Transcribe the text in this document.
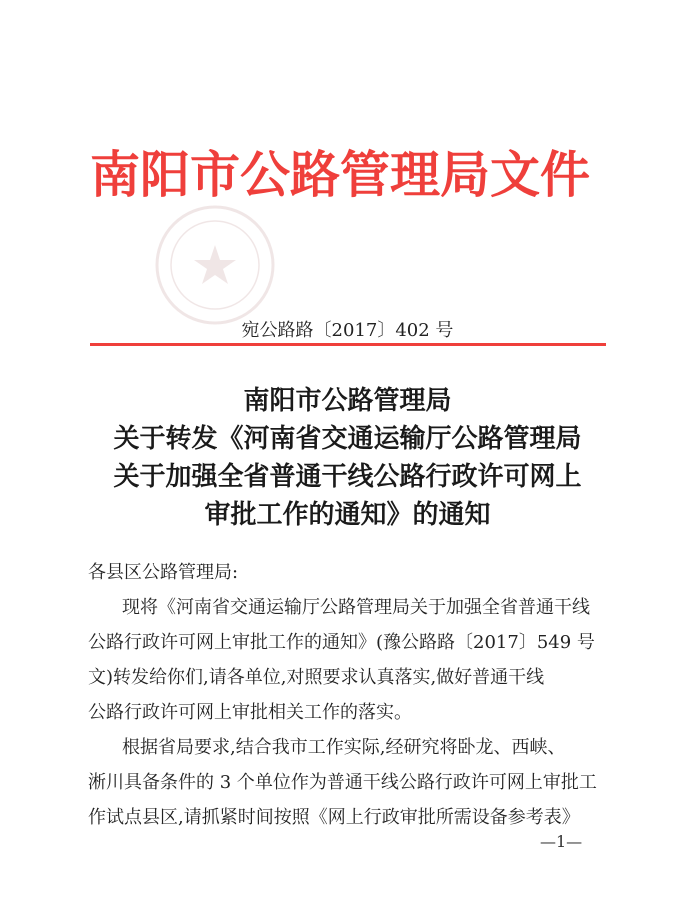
南阳市公路管理局文件
宛公路路〔2017〕402 号
南阳市公路管理局
关于转发《河南省交通运输厅公路管理局
关于加强全省普通干线公路行政许可网上
审批工作的通知》的通知
各县区公路管理局:
现将《河南省交通运输厅公路管理局关于加强全省普通干线
公路行政许可网上审批工作的通知》(豫公路路〔2017〕549 号
文)转发给你们,请各单位,对照要求认真落实,做好普通干线
公路行政许可网上审批相关工作的落实。
根据省局要求,结合我市工作实际,经研究将卧龙、西峡、
淅川具备条件的 3 个单位作为普通干线公路行政许可网上审批工
作试点县区,请抓紧时间按照《网上行政审批所需设备参考表》
—1—
